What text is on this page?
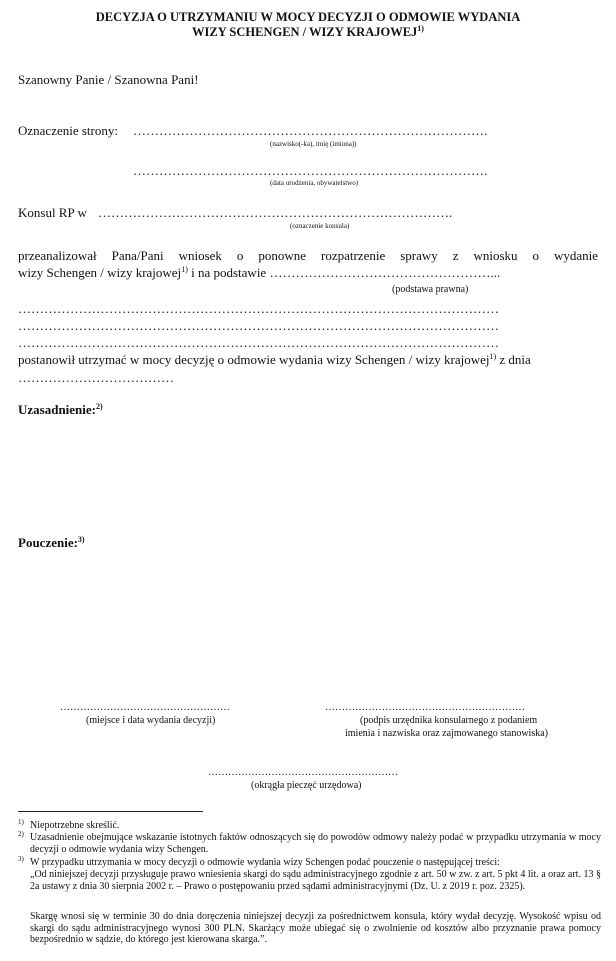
DECYZJA O UTRZYMANIU W MOCY DECYZJI O ODMOWIE WYDANIA
WIZY SCHENGEN / WIZY KRAJOWEJ$^{1)}$
Szanowny Panie / Szanowna Pani!
Oznaczenie strony: ……………………………………………………………………….
(nazwisko(-ka), imię (imiona))
……………………………………………………………………….
(data urodzenia, obywatelstwo)
Konsul RP w ……………………………………………………………………….
(oznaczenie konsula)
przeanalizował Pana/Pani wniosek o ponowne rozpatrzenie sprawy z wniosku o wydanie
wizy Schengen / wizy krajowej$^{1)}$ i na podstawie ……………………………………………...
(podstawa prawna)
…………………………………………………………………………………………………
…………………………………………………………………………………………………
…………………………………………………………………………………………………
postanowił utrzymać w mocy decyzję o odmowie wydania wizy Schengen / wizy krajowej$^{1)}$ z dnia
………………………………
Uzasadnienie:$^{2)}$
Pouczenie:$^{3)}$
……………………………………………
(miejsce i data wydania decyzji)
……………………………………………………
(podpis urzędnika konsularnego z podaniem
imienia i nazwiska oraz zajmowanego stanowiska)
…………………………………………………
(okrągła pieczęć urzędowa)
1) Niepotrzebne skreślić.
2) Uzasadnienie obejmujące wskazanie istotnych faktów odnoszących się do powodów odmowy należy podać w przypadku utrzymania w mocy decyzji o odmowie wydania wizy Schengen.
3) W przypadku utrzymania w mocy decyzji o odmowie wydania wizy Schengen podać pouczenie o następującej treści:
„Od niniejszej decyzji przysługuje prawo wniesienia skargi do sądu administracyjnego zgodnie z art. 50 w zw. z art. 5 pkt 4 lit. a oraz art. 13 § 2a ustawy z dnia 30 sierpnia 2002 r. – Prawo o postępowaniu przed sądami administracyjnymi (Dz. U. z 2019 r. poz. 2325).
Skargę wnosi się w terminie 30 do dnia doręczenia niniejszej decyzji za pośrednictwem konsula, który wydał decyzję. Wysokość wpisu od skargi do sądu administracyjnego wynosi 300 PLN. Skarżący może ubiegać się o zwolnienie od kosztów albo przyznanie prawa pomocy bezpośrednio w sądzie, do którego jest kierowana skarga.”.
